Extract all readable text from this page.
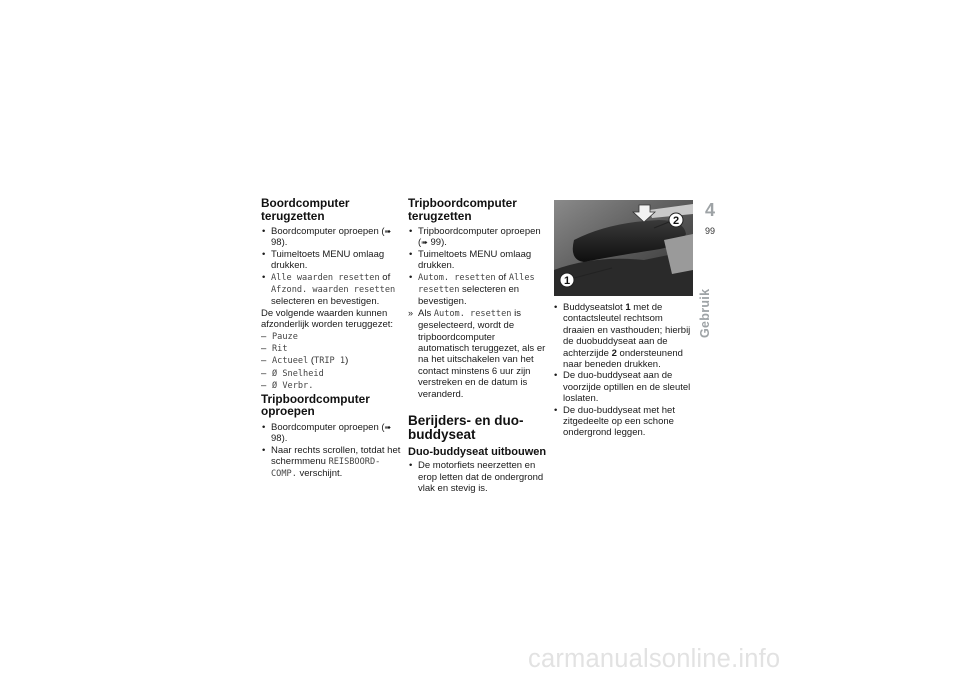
Boordcomputer terugzetten
• Boordcomputer oproepen (➠ 98).
• Tuimeltoets MENU omlaag drukken.
• Alle waarden resetten of Afzond. waarden resetten selecteren en bevestigen.

De volgende waarden kunnen afzonderlijk worden teruggezet:

– Pauze
– Rit
– Actueel (TRIP 1)
– Ø Snelheid
– Ø Verbr.
Tripboordcomputer oproepen
• Boordcomputer oproepen (➠ 98).
• Naar rechts scrollen, totdat het schermmenu REISBOORD-COMP. verschijnt.
Tripboordcomputer terugzetten
• Tripboordcomputer oproepen (➠ 99).
• Tuimeltoets MENU omlaag drukken.
• Autom. resetten of Alles resetten selecteren en bevestigen.
» Als Autom. resetten is geselecteerd, wordt de tripboordcomputer automatisch teruggezet, als er na het uitschakelen van het contact minstens 6 uur zijn verstreken en de datum is veranderd.
Berijders- en duo-buddyseat
Duo-buddyseat uitbouwen
• De motorfiets neerzetten en erop letten dat de ondergrond vlak en stevig is.
2
1
• Buddyseatslot 1 met de contactsleutel rechtsom draaien en vasthouden; hierbij de duobuddyseat aan de achterzijde 2 ondersteunend naar beneden drukken.
• De duo-buddyseat aan de voorzijde optillen en de sleutel loslaten.
• De duo-buddyseat met het zitgedeelte op een schone ondergrond leggen.
4
99
Gebruik
carmanualsonline.info
